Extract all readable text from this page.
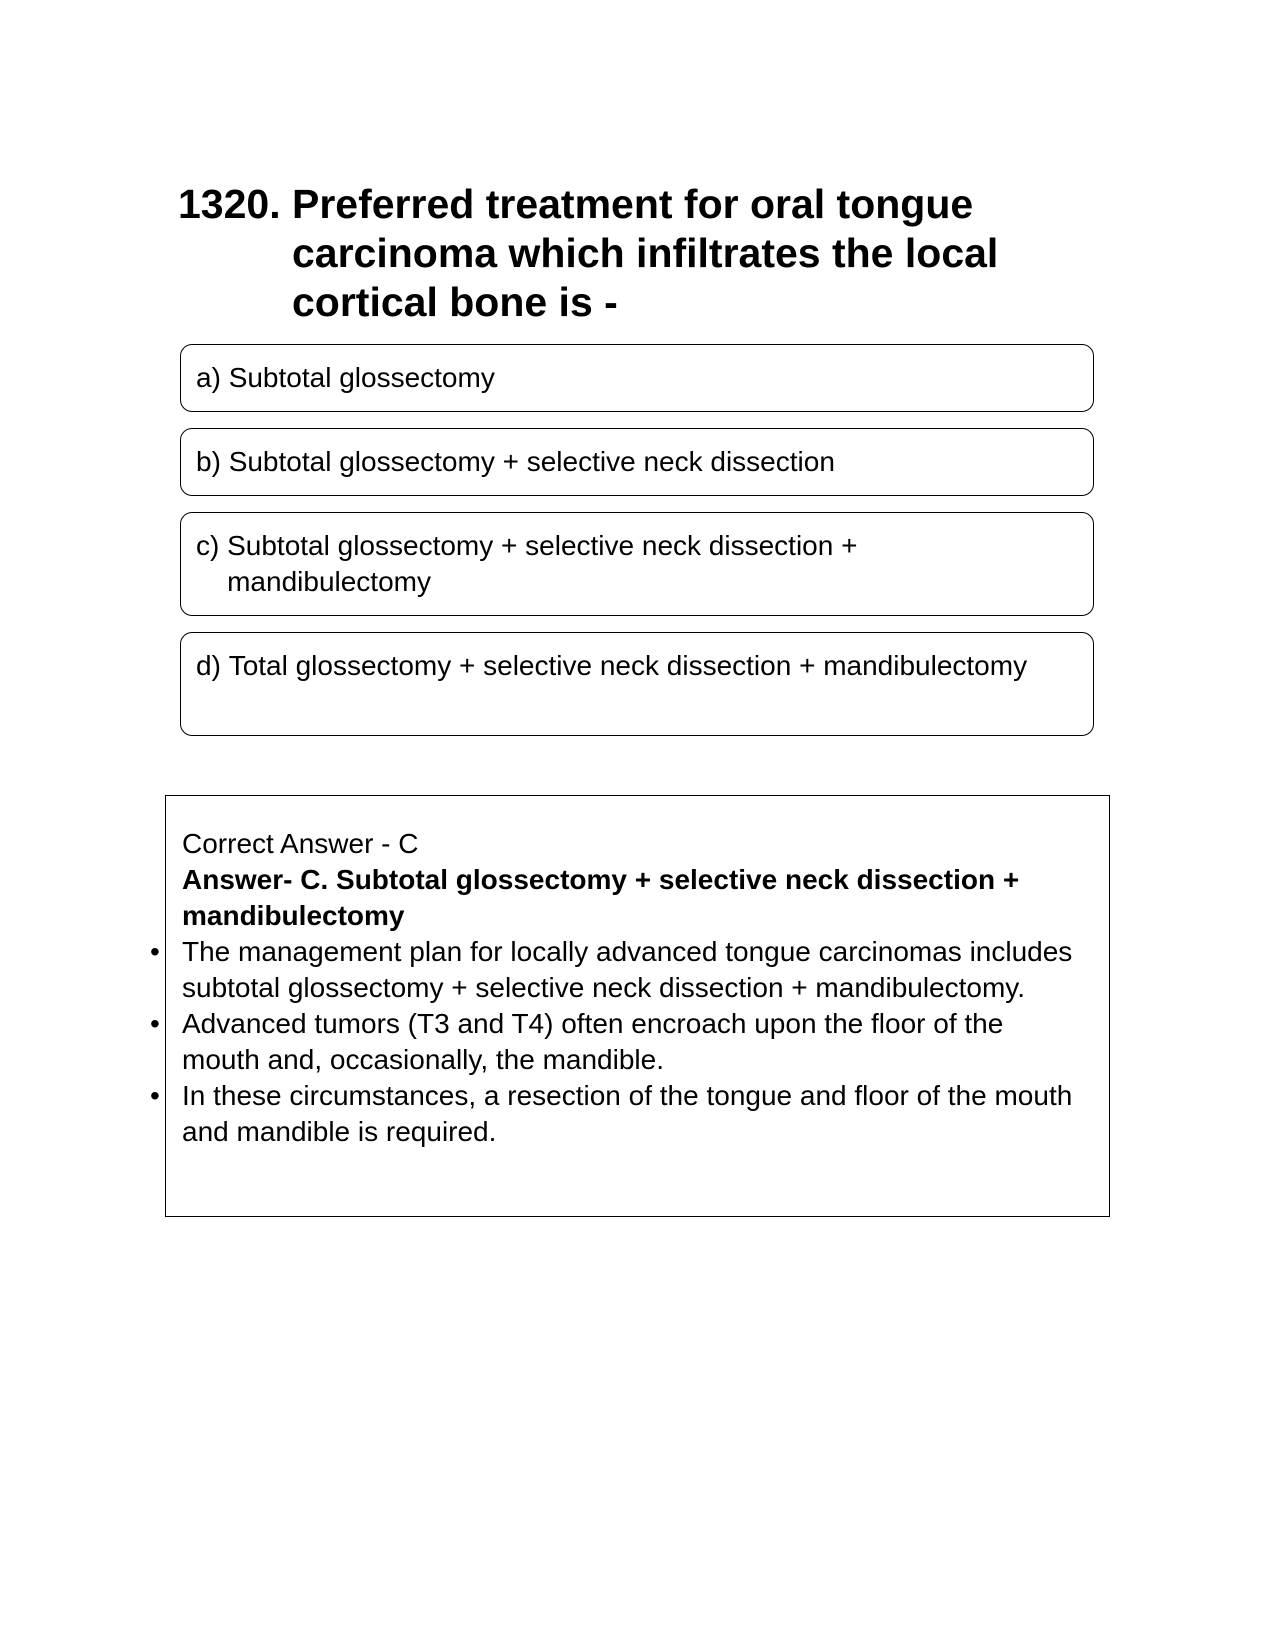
1320. Preferred treatment for oral tongue carcinoma which infiltrates the local cortical bone is -
a)
Subtotal glossectomy
b)
Subtotal glossectomy + selective neck dissection
c)
Subtotal glossectomy + selective neck dissection + mandibulectomy
d)
Total glossectomy + selective neck dissection + mandibulectomy

Correct Answer - C

Answer- C. Subtotal glossectomy + selective neck dissection + mandibulectomy

• The management plan for locally advanced tongue carcinomas includes subtotal glossectomy + selective neck dissection + mandibulectomy.
• Advanced tumors (T3 and T4) often encroach upon the floor of the mouth and, occasionally, the mandible.
• In these circumstances, a resection of the tongue and floor of the mouth and mandible is required.
